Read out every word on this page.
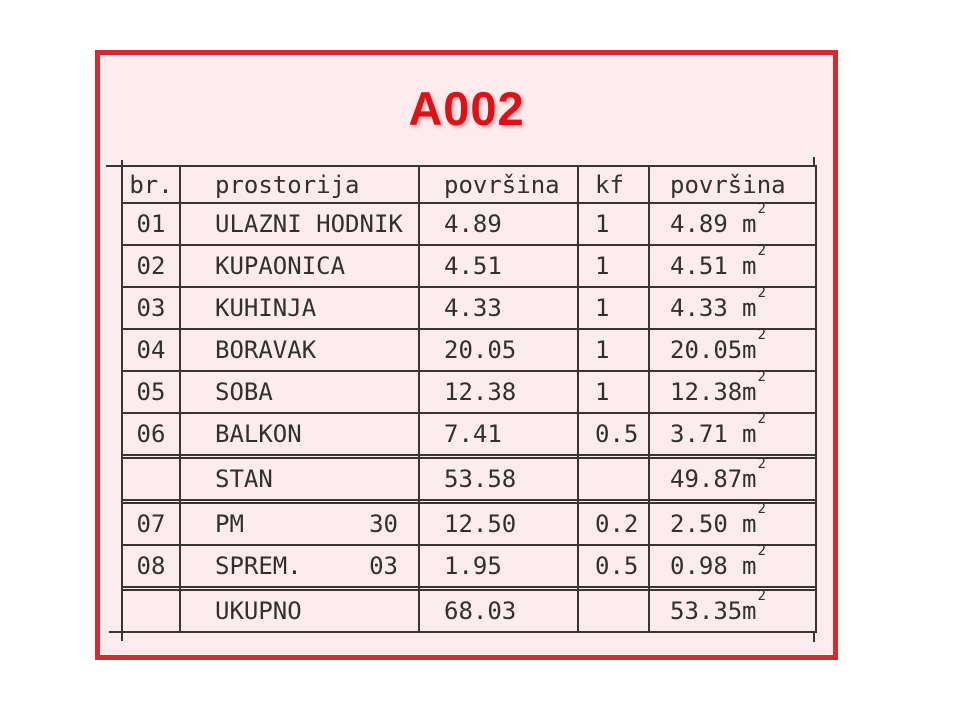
A002
br.	prostorija	površina	kf	površina
01	ULAZNI HODNIK	4.89	1	4.89 $m^2$
02	KUPAONICA	4.51	1	4.51 $m^2$
03	KUHINJA	4.33	1	4.33 $m^2$
04	BORAVAK	20.05	1	$20.05m^2$
05	SOBA	12.38	1	$12.38m^2$
06	BALKON	7.41	0.5	3.71 $m^2$

	STAN	53.58		$49.87m^2$

07	PM 30	12.50	0.2	2.50 $m^2$
08	SPREM. 03	1.95	0.5	0.98 $m^2$

	UKUPNO	68.03		$53.35m^2$
